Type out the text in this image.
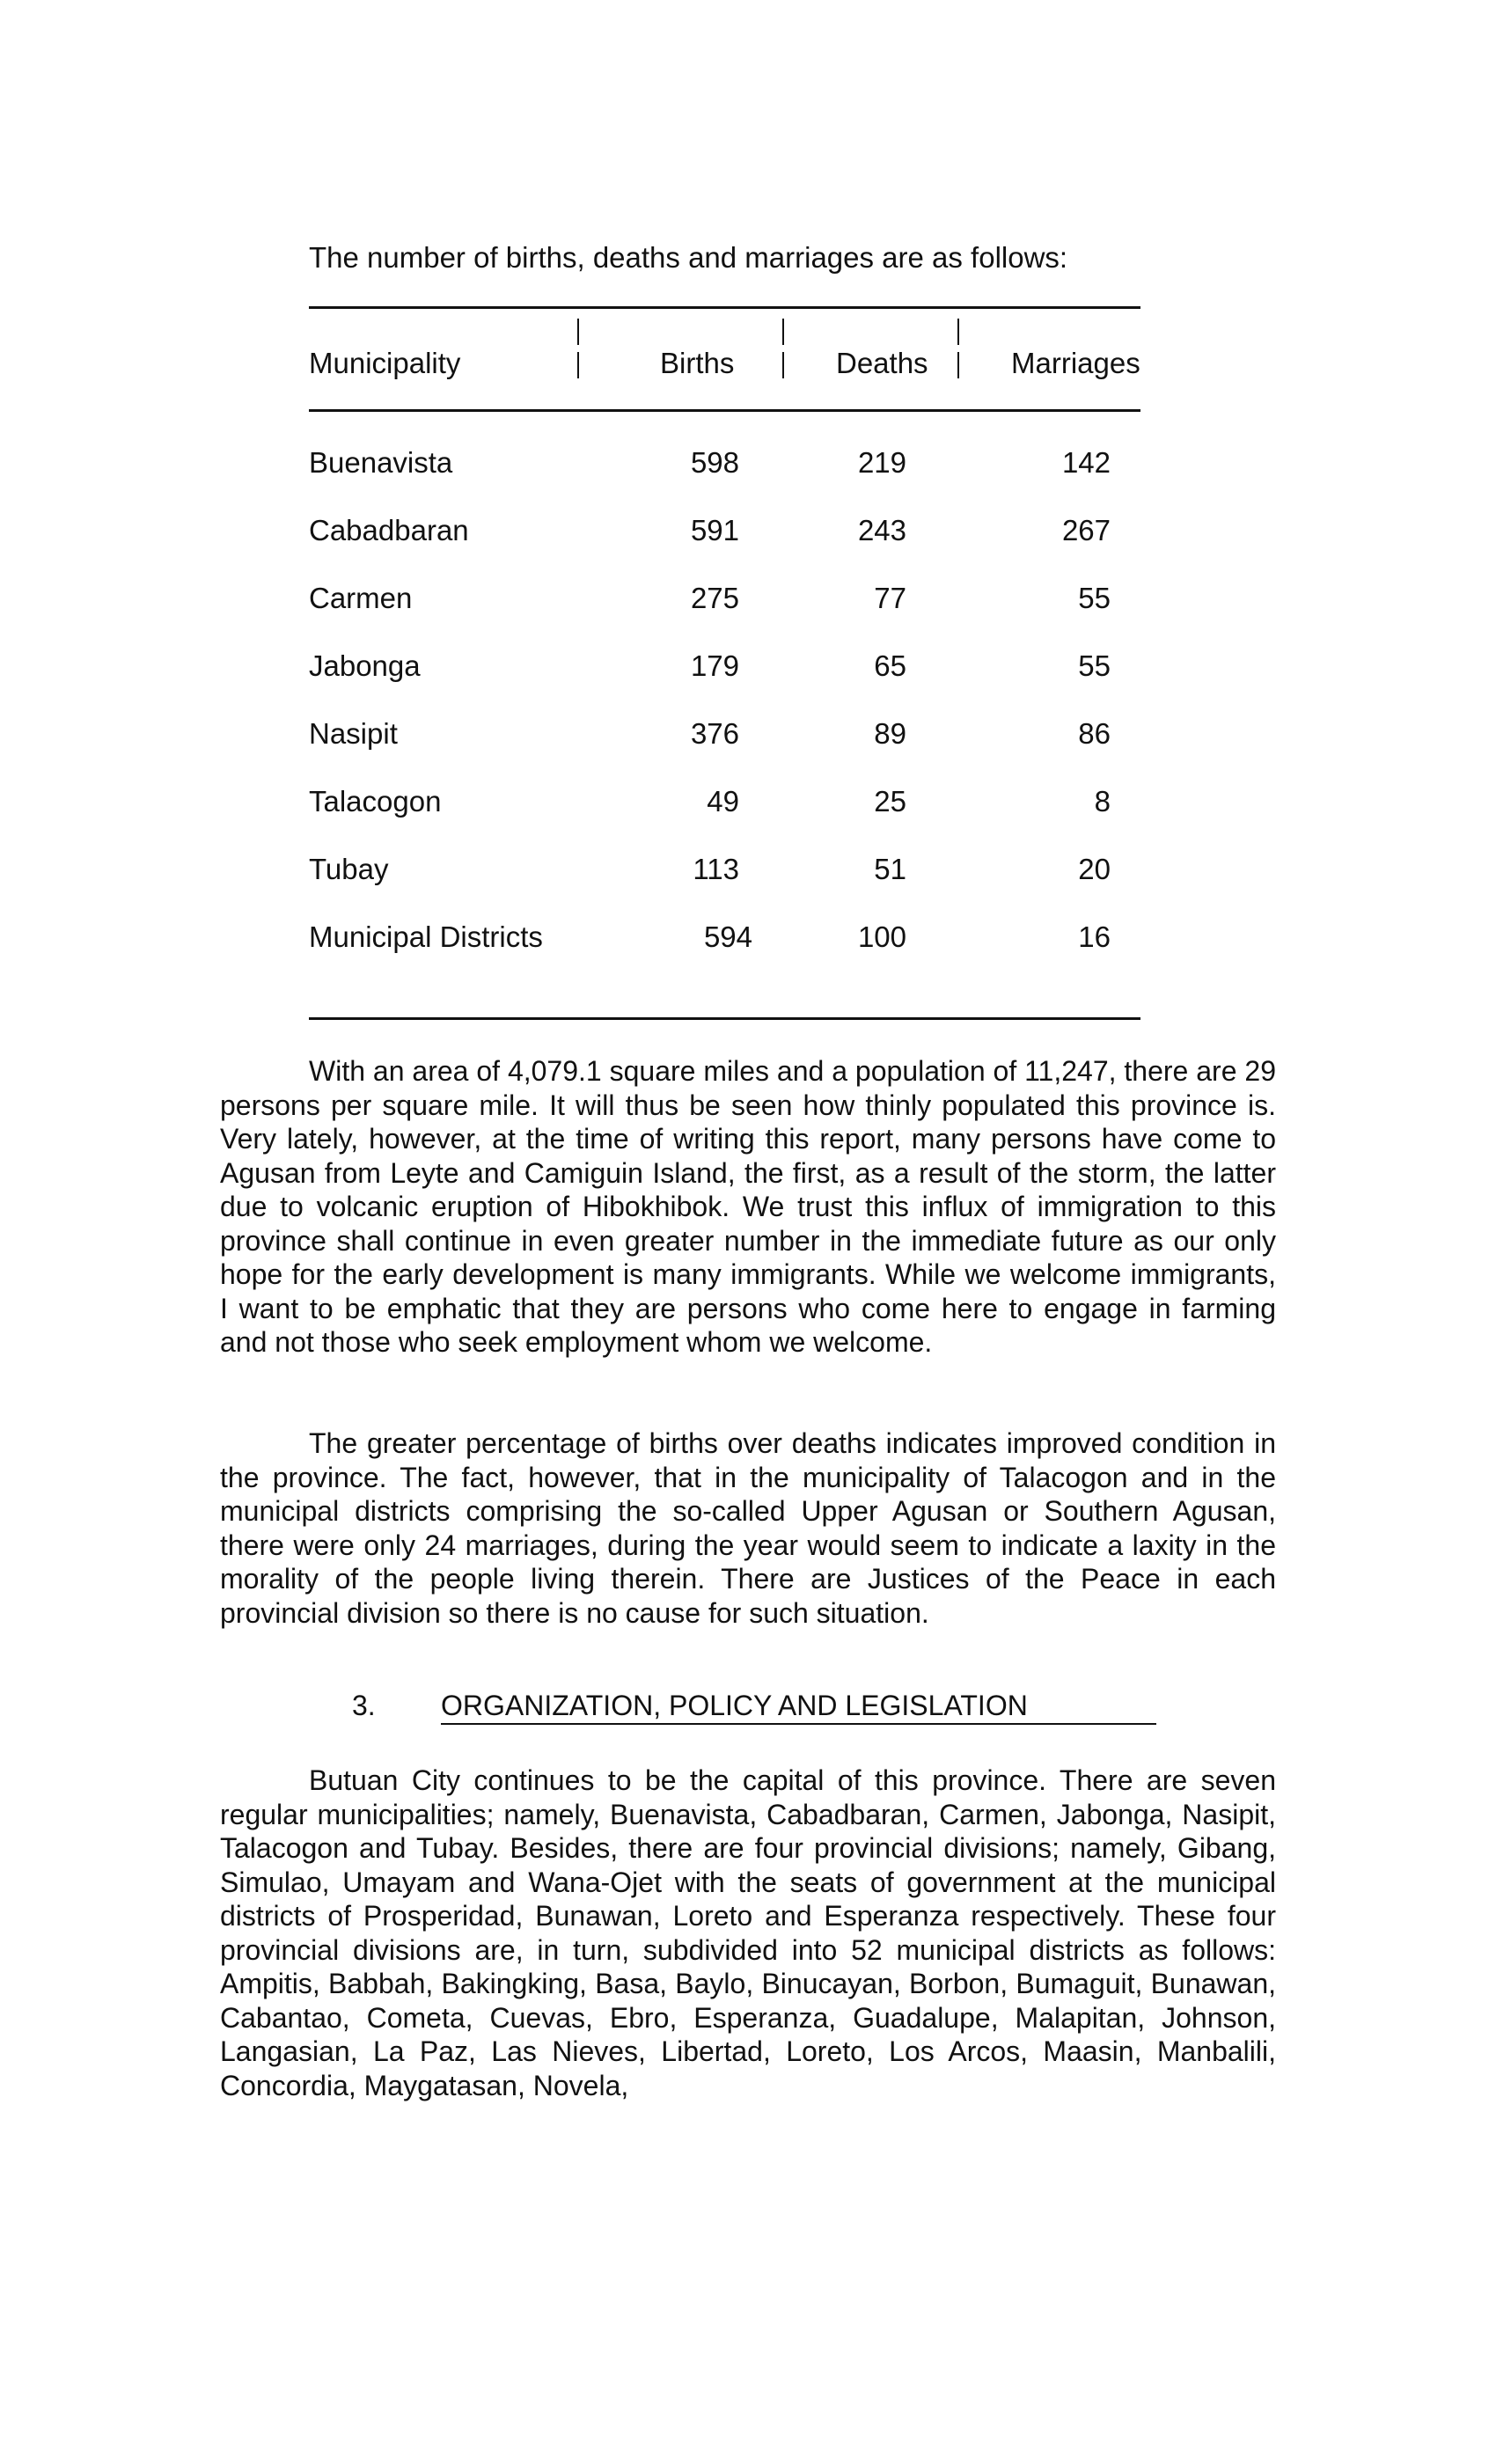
The number of births, deaths and marriages are as follows:

Municipality	Births	Deaths	Marriages
Buenavista	598	219	142
Cabadbaran	591	243	267
Carmen	275	77	55
Jabonga	179	65	55
Nasipit	376	89	86
Talacogon	49	25	8
Tubay	113	51	20
Municipal Districts	594	100	16

With an area of 4,079.1 square miles and a population of 11,247, there are 29 persons per square mile. It will thus be seen how thinly populated this province is. Very lately, however, at the time of writing this report, many persons have come to Agusan from Leyte and Camiguin Island, the first, as a result of the storm, the latter due to volcanic eruption of Hibokhibok. We trust this influx of immigration to this province shall continue in even greater number in the immediate future as our only hope for the early development is many immigrants. While we welcome immigrants, I want to be emphatic that they are persons who come here to engage in farming and not those who seek employment whom we welcome.

The greater percentage of births over deaths indicates improved condition in the province. The fact, however, that in the municipality of Talacogon and in the municipal districts comprising the so-called Upper Agusan or Southern Agusan, there were only 24 marriages, during the year would seem to indicate a laxity in the morality of the people living therein. There are Justices of the Peace in each provincial division so there is no cause for such situation.

3. ORGANIZATION, POLICY AND LEGISLATION

Butuan City continues to be the capital of this province. There are seven regular municipalities; namely, Buenavista, Cabadbaran, Carmen, Jabonga, Nasipit, Talacogon and Tubay. Besides, there are four provincial divisions; namely, Gibang, Simulao, Umayam and Wana-Ojet with the seats of government at the municipal districts of Prosperidad, Bunawan, Loreto and Esperanza respectively. These four provincial divisions are, in turn, subdivided into 52 municipal districts as follows: Ampitis, Babbah, Bakingking, Basa, Baylo, Binucayan, Borbon, Bumaguit, Bunawan, Cabantao, Cometa, Cuevas, Ebro, Esperanza, Guadalupe, Malapitan, Johnson, Langasian, La Paz, Las Nieves, Libertad, Loreto, Los Arcos, Maasin, Manbalili, Concordia, Maygatasan, Novela,
